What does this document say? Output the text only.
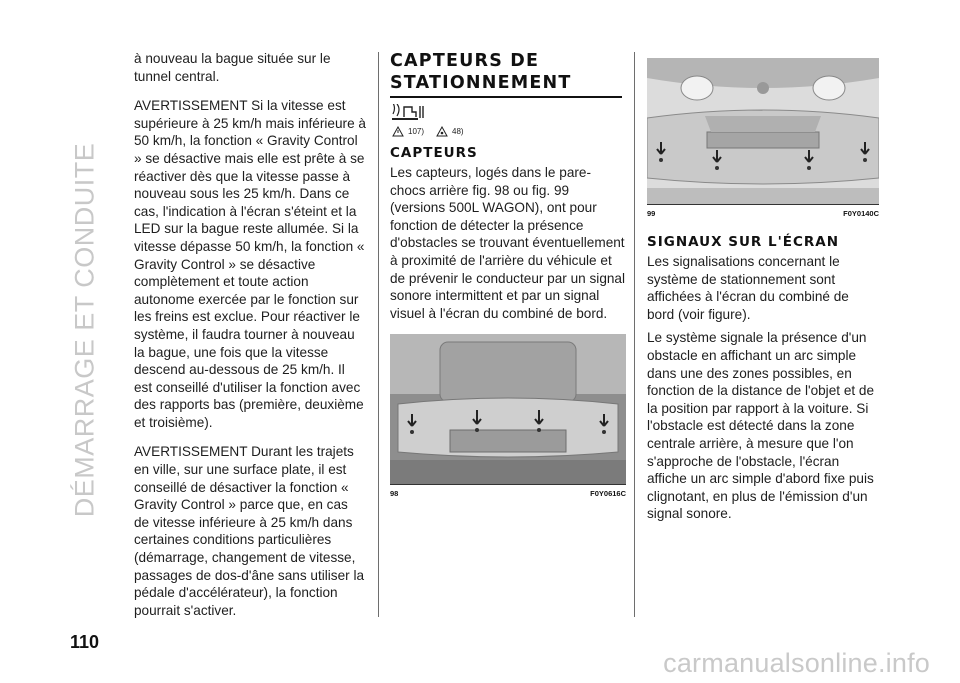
DÉMARRAGE ET CONDUITE
110

à nouveau la bague située sur le tunnel central.

AVERTISSEMENT Si la vitesse est supérieure à 25 km/h mais inférieure à 50 km/h, la fonction « Gravity Control » se désactive mais elle est prête à se réactiver dès que la vitesse passe à nouveau sous les 25 km/h. Dans ce cas, l'indication à l'écran s'éteint et la LED sur la bague reste allumée. Si la vitesse dépasse 50 km/h, la fonction « Gravity Control » se désactive complètement et toute action autonome exercée par le fonction sur les freins est exclue. Pour réactiver le système, il faudra tourner à nouveau la bague, une fois que la vitesse descend au-dessous de 25 km/h. Il est conseillé d'utiliser la fonction avec des rapports bas (première, deuxième et troisième).

AVERTISSEMENT Durant les trajets en ville, sur une surface plate, il est conseillé de désactiver la fonction « Gravity Control » parce que, en cas de vitesse inférieure à 25 km/h dans certaines conditions particulières (démarrage, changement de vitesse, passages de dos-d'âne sans utiliser la pédale d'accélérateur), la fonction pourrait s'activer.

CAPTEURS DE
STATIONNEMENT
107)	48)
CAPTEURS

Les capteurs, logés dans le pare-chocs arrière fig. 98 ou fig. 99 (versions 500L WAGON), ont pour fonction de détecter la présence d'obstacles se trouvant éventuellement à proximité de l'arrière du véhicule et de prévenir le conducteur par un signal sonore intermittent et par un signal visuel à l'écran du combiné de bord.

98	F0Y0616C
99	F0Y0140C
SIGNAUX SUR L'ÉCRAN

Les signalisations concernant le système de stationnement sont affichées à l'écran du combiné de bord (voir figure).

Le système signale la présence d'un obstacle en affichant un arc simple dans une des zones possibles, en fonction de la distance de l'objet et de la position par rapport à la voiture. Si l'obstacle est détecté dans la zone centrale arrière, à mesure que l'on s'approche de l'obstacle, l'écran affiche un arc simple d'abord fixe puis clignotant, en plus de l'émission d'un signal sonore.

carmanualsonline.info
